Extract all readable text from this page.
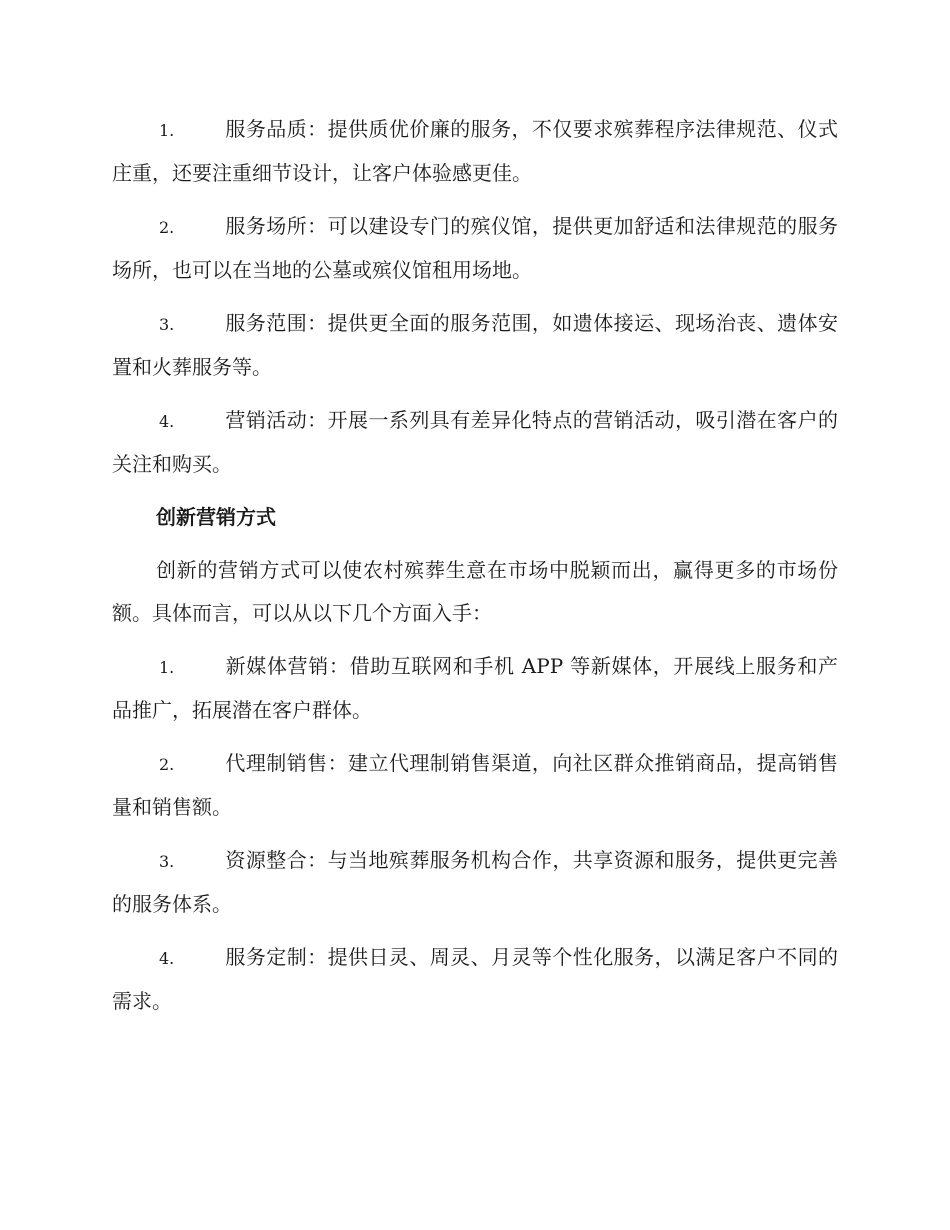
1.	服务品质：提供质优价廉的服务，不仅要求殡葬程序法律规范、仪式庄重，还要注重细节设计，让客户体验感更佳。

2.	服务场所：可以建设专门的殡仪馆，提供更加舒适和法律规范的服务场所，也可以在当地的公墓或殡仪馆租用场地。

3.	服务范围：提供更全面的服务范围，如遗体接运、现场治丧、遗体安置和火葬服务等。

4.	营销活动：开展一系列具有差异化特点的营销活动，吸引潜在客户的关注和购买。

创新营销方式

创新的营销方式可以使农村殡葬生意在市场中脱颖而出，赢得更多的市场份额。具体而言，可以从以下几个方面入手：

1.	新媒体营销：借助互联网和手机 APP 等新媒体，开展线上服务和产品推广，拓展潜在客户群体。

2.	代理制销售：建立代理制销售渠道，向社区群众推销商品，提高销售量和销售额。

3.	资源整合：与当地殡葬服务机构合作，共享资源和服务，提供更完善的服务体系。

4.	服务定制：提供日灵、周灵、月灵等个性化服务，以满足客户不同的需求。
